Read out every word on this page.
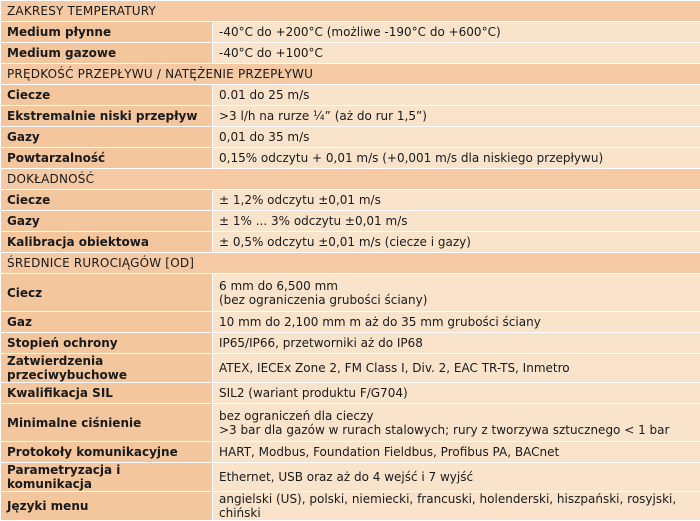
ZAKRESY TEMPERATURY	
Medium płynne	-40°C do +200°C (możliwe -190°C do +600°C)
Medium gazowe	-40°C do +100°C
PRĘDKOŚĆ PRZEPŁYWU / NATĘŻENIE PRZEPŁYWU	
Ciecze	0.01 do 25 m/s
Ekstremalnie niski przepływ	>3 l/h na rurze ¼” (aż do rur 1,5”)
Gazy	0,01 do 35 m/s
Powtarzalność	0,15% odczytu + 0,01 m/s (+0,001 m/s dla niskiego przepływu)
DOKŁADNOŚĆ	
Ciecze	± 1,2% odczytu ±0,01 m/s
Gazy	± 1% ... 3% odczytu ±0,01 m/s
Kalibracja obiektowa	± 0,5% odczytu ±0,01 m/s (ciecze i gazy)
ŚREDNICE RUROCIĄGÓW [OD]	
Ciecz	6 mm do 6,500 mm
(bez ograniczenia grubości ściany)

Gaz	10 mm do 2,100 mm m aż do 35 mm grubości ściany
Stopień ochrony	IP65/IP66, przetworniki aż do IP68
Zatwierdzenia przeciwybuchowe	ATEX, IECEx Zone 2, FM Class I, Div. 2, EAC TR-TS, Inmetro
Kwalifikacja SIL	SIL2 (wariant produktu F/G704)
Minimalne ciśnienie	bez ograniczeń dla cieczy
>3 bar dla gazów w rurach stalowych; rury z tworzywa sztucznego < 1 bar

Protokoły komunikacyjne	HART, Modbus, Foundation Fieldbus, Profibus PA, BACnet
Parametryzacja i komunikacja	Ethernet, USB oraz aż do 4 wejść i 7 wyjść
Języki menu	angielski (US), polski, niemiecki, francuski, holenderski, hiszpański, rosyjski, chiński
